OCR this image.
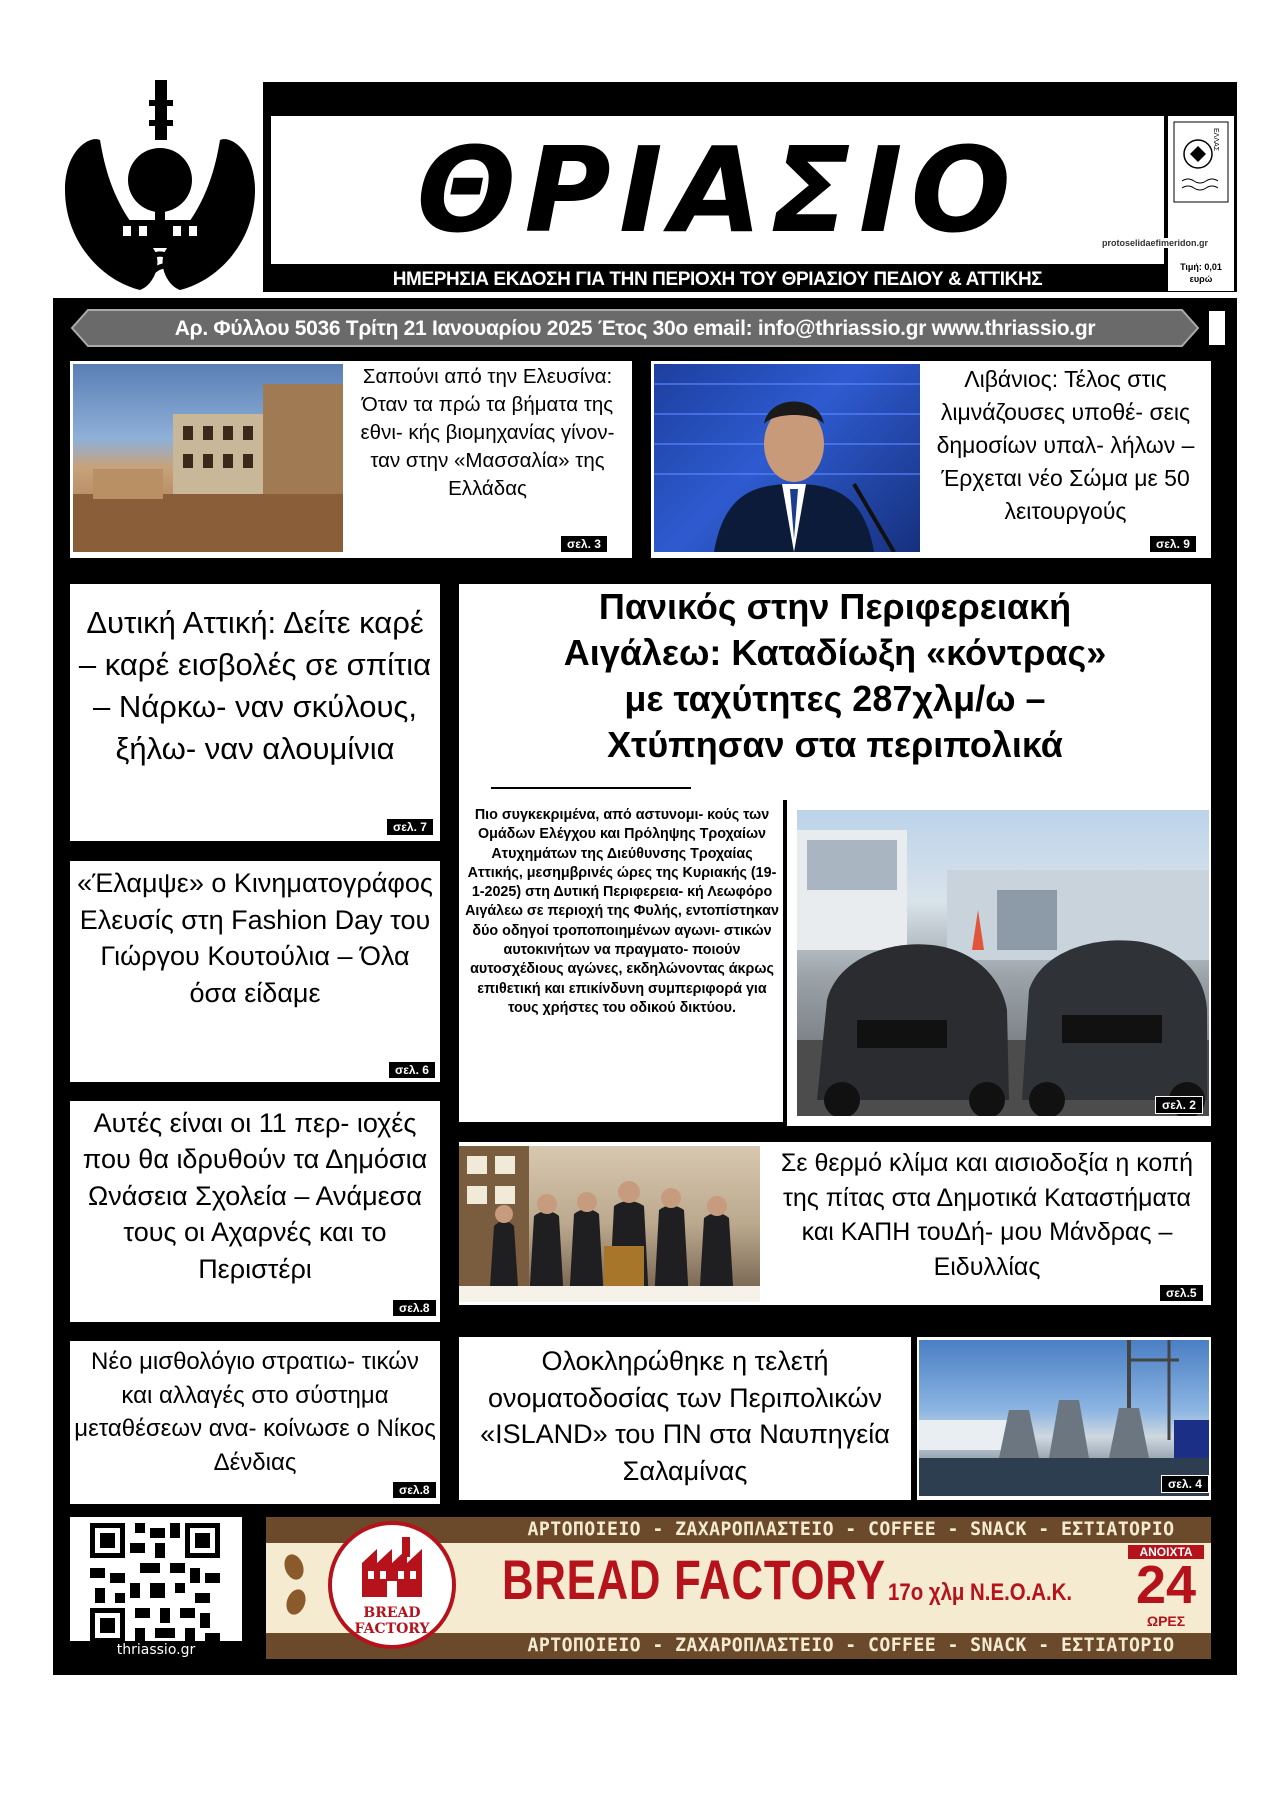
ΘΡΙΑΣΙΟ	ΕΛΛΑΣ
Τιμή: 0,01
ευρώ
protoselidaefimeridon.gr
ΗΜΕΡΗΣΙΑ ΕΚΔΟΣΗ ΓΙΑ ΤΗΝ ΠΕΡΙΟΧΗ ΤΟΥ ΘΡΙΑΣΙΟΥ ΠΕΔΙΟΥ & ΑΤΤΙΚΗΣ
Αρ. Φύλλου 5036 Τρίτη 21 Ιανουαρίου 2025 Έτος 30ο email: info@thriassio.gr www.thriassio.gr
Σαπούνι από την Ελευσίνα: Όταν τα πρώ τα βήματα της εθνι- κής βιομηχανίας γίνον- ταν στην «Μασσαλία» της Ελλάδας
σελ. 3
Λιβάνιος: Τέλος στις λιμνάζουσες υποθέ- σεις δημοσίων υπαλ- λήλων – Έρχεται νέο Σώμα με 50 λειτουργούς
σελ. 9
Δυτική Αττική: Δείτε καρέ – καρέ εισβολές σε σπίτια – Νάρκω- ναν σκύλους, ξήλω- ναν αλουμίνια
σελ. 7
Πανικός στην Περιφερειακή
Αιγάλεω: Καταδίωξη «κόντρας»
με ταχύτητες 287χλμ/ω –
Χτύπησαν στα περιπολικά
Πιο συγκεκριμένα, από αστυνομι- κούς των Ομάδων Ελέγχου και Πρόληψης Τροχαίων Ατυχημάτων της Διεύθυνσης Τροχαίας Αττικής, μεσημβρινές ώρες της Κυριακής (19-1-2025) στη Δυτική Περιφερεια- κή Λεωφόρο Αιγάλεω σε περιοχή της Φυλής, εντοπίστηκαν δύο οδηγοί τροποποιημένων αγωνι- στικών αυτοκινήτων να πραγματο- ποιούν αυτοσχέδιους αγώνες, εκδηλώνοντας άκρως επιθετική και επικίνδυνη συμπεριφορά για τους χρήστες του οδικού δικτύου.
σελ. 2
«Έλαμψε» ο Κινηματογράφος Ελευσίς στη Fashion Day του Γιώργου Κουτούλια – Όλα όσα είδαμε
σελ. 6
Αυτές είναι οι 11 περ- ιοχές που θα ιδρυθούν τα Δημόσια Ωνάσεια Σχολεία – Ανάμεσα τους οι Αχαρνές και το Περιστέρι
σελ.8
Σε θερμό κλίμα και αισιοδοξία η κοπή της πίτας στα Δημοτικά Καταστήματα και ΚΑΠΗ τουΔή- μου Μάνδρας – Ειδυλλίας
σελ.5
Νέο μισθολόγιο στρατιω- τικών και αλλαγές στο σύστημα μεταθέσεων ανα- κοίνωσε ο Νίκος Δένδιας
σελ.8
Ολοκληρώθηκε η τελετή ονοματοδοσίας των Περιπολικών «ISLAND» του ΠΝ στα Ναυπηγεία Σαλαμίνας	σελ. 4
thriassio.gr
ΑΡΤΟΠΟΙΕΙΟ - ΖΑΧΑΡΟΠΛΑΣΤΕΙΟ - COFFEE - SNACK - ΕΣΤΙΑΤΟΡΙΟ
ΑΡΤΟΠΟΙΕΙΟ - ΖΑΧΑΡΟΠΛΑΣΤΕΙΟ - COFFEE - SNACK - ΕΣΤΙΑΤΟΡΙΟ
BREAD
FACTORY
BREAD FACTORY 17ο χλμ Ν.Ε.Ο.Α.Κ.
ΑΝΟΙΧΤΑ
24
ΩΡΕΣ
